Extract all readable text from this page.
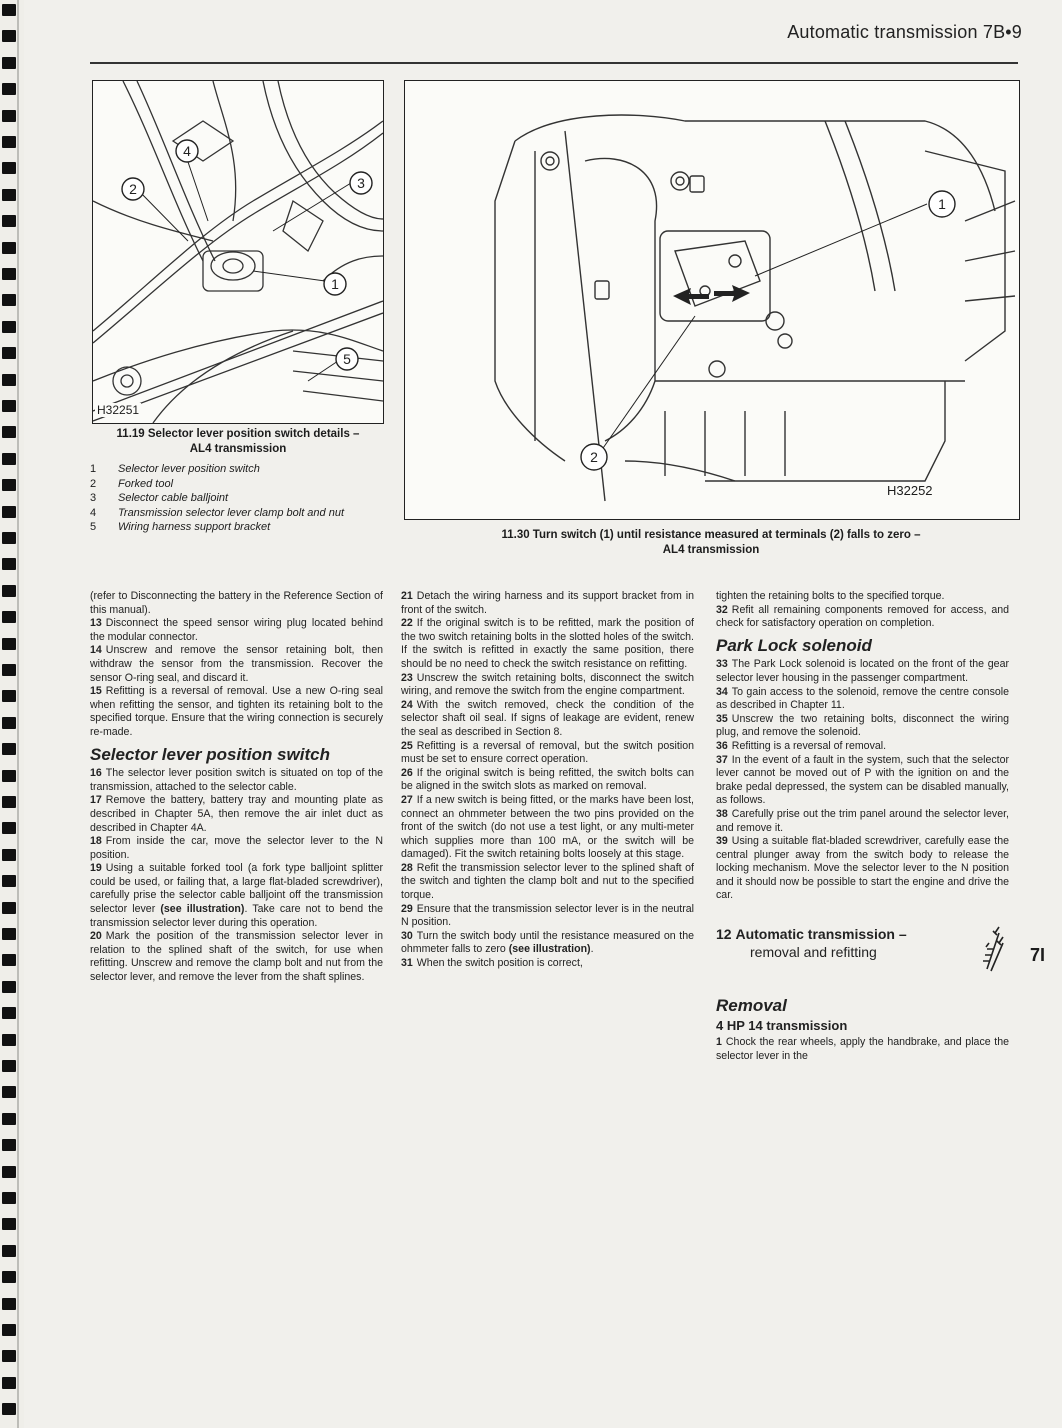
Automatic transmission 7B•9
2
4
3
1
5
H32251
11.19 Selector lever position switch details – AL4 transmission
1	Selector lever position switch
2	Forked tool
3	Selector cable balljoint
4	Transmission selector lever clamp bolt and nut
5	Wiring harness support bracket
1
2
H32252
11.30 Turn switch (1) until resistance measured at terminals (2) falls to zero –
AL4 transmission

(refer to Disconnecting the battery in the Reference Section of this manual).

13 Disconnect the speed sensor wiring plug located behind the modular connector.

14 Unscrew and remove the sensor retaining bolt, then withdraw the sensor from the transmission. Recover the sensor O-ring seal, and discard it.

15 Refitting is a reversal of removal. Use a new O-ring seal when refitting the sensor, and tighten its retaining bolt to the specified torque. Ensure that the wiring connection is securely re-made.

Selector lever position switch

16 The selector lever position switch is situated on top of the transmission, attached to the selector cable.

17 Remove the battery, battery tray and mounting plate as described in Chapter 5A, then remove the air inlet duct as described in Chapter 4A.

18 From inside the car, move the selector lever to the N position.

19 Using a suitable forked tool (a fork type balljoint splitter could be used, or failing that, a large flat-bladed screwdriver), carefully prise the selector cable balljoint off the transmission selector lever (see illustration). Take care not to bend the transmission selector lever during this operation.

20 Mark the position of the transmission selector lever in relation to the splined shaft of the switch, for use when refitting. Unscrew and remove the clamp bolt and nut from the selector lever, and remove the lever from the shaft splines.

21 Detach the wiring harness and its support bracket from in front of the switch.

22 If the original switch is to be refitted, mark the position of the two switch retaining bolts in the slotted holes of the switch. If the switch is refitted in exactly the same position, there should be no need to check the switch resistance on refitting.

23 Unscrew the switch retaining bolts, disconnect the switch wiring, and remove the switch from the engine compartment.

24 With the switch removed, check the condition of the selector shaft oil seal. If signs of leakage are evident, renew the seal as described in Section 8.

25 Refitting is a reversal of removal, but the switch position must be set to ensure correct operation.

26 If the original switch is being refitted, the switch bolts can be aligned in the switch slots as marked on removal.

27 If a new switch is being fitted, or the marks have been lost, connect an ohmmeter between the two pins provided on the front of the switch (do not use a test light, or any multi-meter which supplies more than 100 mA, or the switch will be damaged). Fit the switch retaining bolts loosely at this stage.

28 Refit the transmission selector lever to the splined shaft of the switch and tighten the clamp bolt and nut to the specified torque.

29 Ensure that the transmission selector lever is in the neutral N position.

30 Turn the switch body until the resistance measured on the ohmmeter falls to zero (see illustration).

31 When the switch position is correct,

tighten the retaining bolts to the specified torque.

32 Refit all remaining components removed for access, and check for satisfactory operation on completion.

Park Lock solenoid

33 The Park Lock solenoid is located on the front of the gear selector lever housing in the passenger compartment.

34 To gain access to the solenoid, remove the centre console as described in Chapter 11.

35 Unscrew the two retaining bolts, disconnect the wiring plug, and remove the solenoid.

36 Refitting is a reversal of removal.

37 In the event of a fault in the system, such that the selector lever cannot be moved out of P with the ignition on and the brake pedal depressed, the system can be disabled manually, as follows.

38 Carefully prise out the trim panel around the selector lever, and remove it.

39 Using a suitable flat-bladed screwdriver, carefully ease the central plunger away from the switch body to release the locking mechanism. Move the selector lever to the N position and it should now be possible to start the engine and drive the car.

12 Automatic transmission –
removal and refitting
Removal
4 HP 14 transmission

1 Chock the rear wheels, apply the handbrake, and place the selector lever in the

7I
